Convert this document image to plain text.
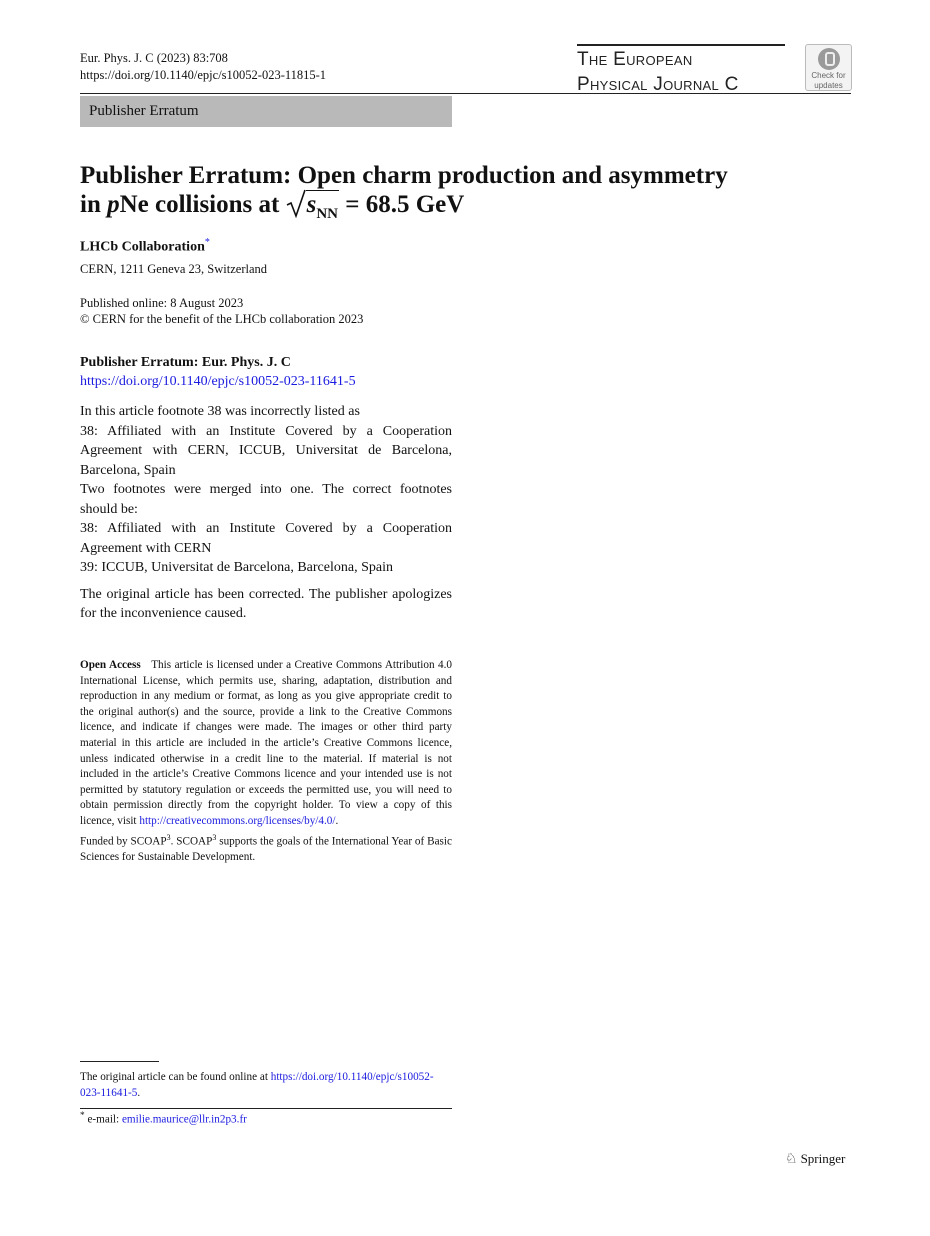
Eur. Phys. J. C (2023) 83:708
https://doi.org/10.1140/epjc/s10052-023-11815-1
The European
Physical Journal C	Check for
updates
Publisher Erratum
Publisher Erratum: Open charm production and asymmetry
in pNe collisions at
$s_{NN} = 68.5$ GeV
LHCb Collaboration*
CERN, 1211 Geneva 23, Switzerland
Published online: 8 August 2023
© CERN for the benefit of the LHCb collaboration 2023
Publisher Erratum: Eur. Phys. J. C
https://doi.org/10.1140/epjc/s10052-023-11641-5

In this article footnote 38 was incorrectly listed as

38: Affiliated with an Institute Covered by a Cooperation Agreement with CERN, ICCUB, Universitat de Barcelona, Barcelona, Spain

Two footnotes were merged into one. The correct footnotes should be:

38: Affiliated with an Institute Covered by a Cooperation Agreement with CERN

39: ICCUB, Universitat de Barcelona, Barcelona, Spain

The original article has been corrected. The publisher apologizes for the inconvenience caused.

Open Access This article is licensed under a Creative Commons Attribution 4.0 International License, which permits use, sharing, adaptation, distribution and reproduction in any medium or format, as long as you give appropriate credit to the original author(s) and the source, provide a link to the Creative Commons licence, and indicate if changes were made. The images or other third party material in this article are included in the article’s Creative Commons licence, unless indicated otherwise in a credit line to the material. If material is not included in the article’s Creative Commons licence and your intended use is not permitted by statutory regulation or exceeds the permitted use, you will need to obtain permission directly from the copyright holder. To view a copy of this licence, visit http://creativecommons.org/licenses/by/4.0/.
Funded by SCOAP$^3$. SCOAP$^3$ supports the goals of the International Year of Basic Sciences for Sustainable Development.
The original article can be found online at https://doi.org/10.1140/epjc/s10052-023-11641-5.
* e-mail: emilie.maurice@llr.in2p3.fr
♘ Springer
